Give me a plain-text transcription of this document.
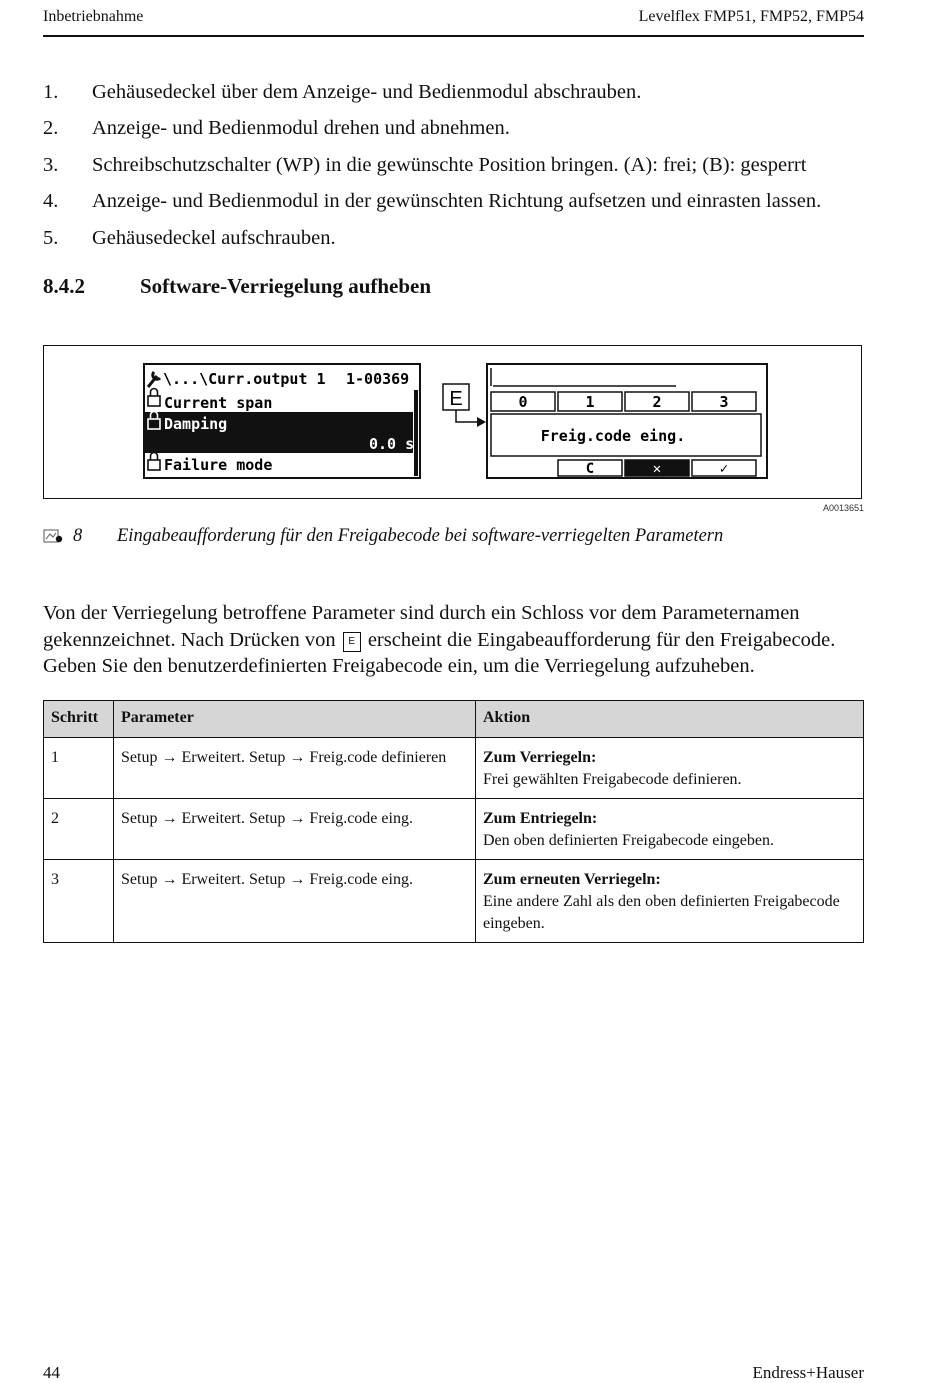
Inbetriebnahme	Levelflex FMP51, FMP52, FMP54
1. Gehäusedeckel über dem Anzeige- und Bedienmodul abschrauben.
2. Anzeige- und Bedienmodul drehen und abnehmen.
3. Schreibschutzschalter (WP) in die gewünschte Position bringen. (A): frei; (B): gesperrt
4. Anzeige- und Bedienmodul in der gewünschten Richtung aufsetzen und einrasten lassen.
5. Gehäusedeckel aufschrauben.
8.4.2	Software-Verriegelung aufheben
\...\Curr.output 1 1-00369
Current span
Damping
0.0 s
Failure mode
E	0	1	2	3
Freig.code eing.
C	✕	✓
A0013651
8 Eingabeaufforderung für den Freigabecode bei software-verriegelten Parametern

Von der Verriegelung betroffene Parameter sind durch ein Schloss vor dem Parameternamen gekennzeichnet. Nach Drücken von E erscheint die Eingabeaufforderung für den Freigabecode. Geben Sie den benutzerdefinierten Freigabecode ein, um die Verriegelung aufzuheben.

Schritt	Parameter	Aktion
1	Setup → Erweitert. Setup → Freig.code definieren	Zum Verriegeln:
Frei gewählten Freigabecode definieren.
2	Setup → Erweitert. Setup → Freig.code eing.	Zum Entriegeln:
Den oben definierten Freigabecode eingeben.
3	Setup → Erweitert. Setup → Freig.code eing.	Zum erneuten Verriegeln:
Eine andere Zahl als den oben definierten Freigabecode eingeben.
44	Endress+Hauser
